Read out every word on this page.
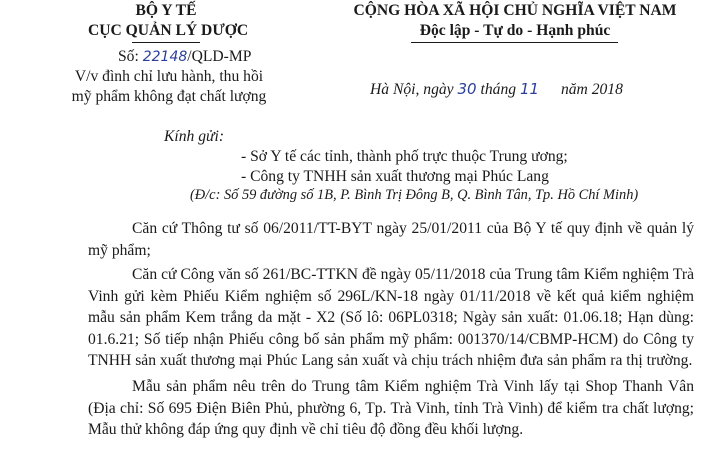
BỘ Y TẾ
CỤC QUẢN LÝ DƯỢC
Số: 22148/QLD-MP
V/v đình chỉ lưu hành, thu hồi
mỹ phẩm không đạt chất lượng
CỘNG HÒA XÃ HỘI CHỦ NGHĨA VIỆT NAM
Độc lập - Tự do - Hạnh phúc
Hà Nội, ngày 30 tháng 11 năm 2018
Kính gửi:
- Sở Y tế các tỉnh, thành phố trực thuộc Trung ương;
- Công ty TNHH sản xuất thương mại Phúc Lang
(Đ/c: Số 59 đường số 1B, P. Bình Trị Đông B, Q. Bình Tân, Tp. Hồ Chí Minh)
Căn cứ Thông tư số 06/2011/TT-BYT ngày 25/01/2011 của Bộ Y tế quy định về quản lý mỹ phẩm;
Căn cứ Công văn số 261/BC-TTKN đề ngày 05/11/2018 của Trung tâm Kiểm nghiệm Trà Vinh gửi kèm Phiếu Kiểm nghiệm số 296L/KN-18 ngày 01/11/2018 về kết quả kiểm nghiệm mẫu sản phẩm Kem trắng da mặt - X2 (Số lô: 06PL0318; Ngày sản xuất: 01.06.18; Hạn dùng: 01.6.21; Số tiếp nhận Phiếu công bố sản phẩm mỹ phẩm: 001370/14/CBMP-HCM) do Công ty TNHH sản xuất thương mại Phúc Lang sản xuất và chịu trách nhiệm đưa sản phẩm ra thị trường.
Mẫu sản phẩm nêu trên do Trung tâm Kiểm nghiệm Trà Vinh lấy tại Shop Thanh Vân (Địa chỉ: Số 695 Điện Biên Phủ, phường 6, Tp. Trà Vinh, tỉnh Trà Vinh) để kiểm tra chất lượng; Mẫu thử không đáp ứng quy định về chỉ tiêu độ đồng đều khối lượng.
